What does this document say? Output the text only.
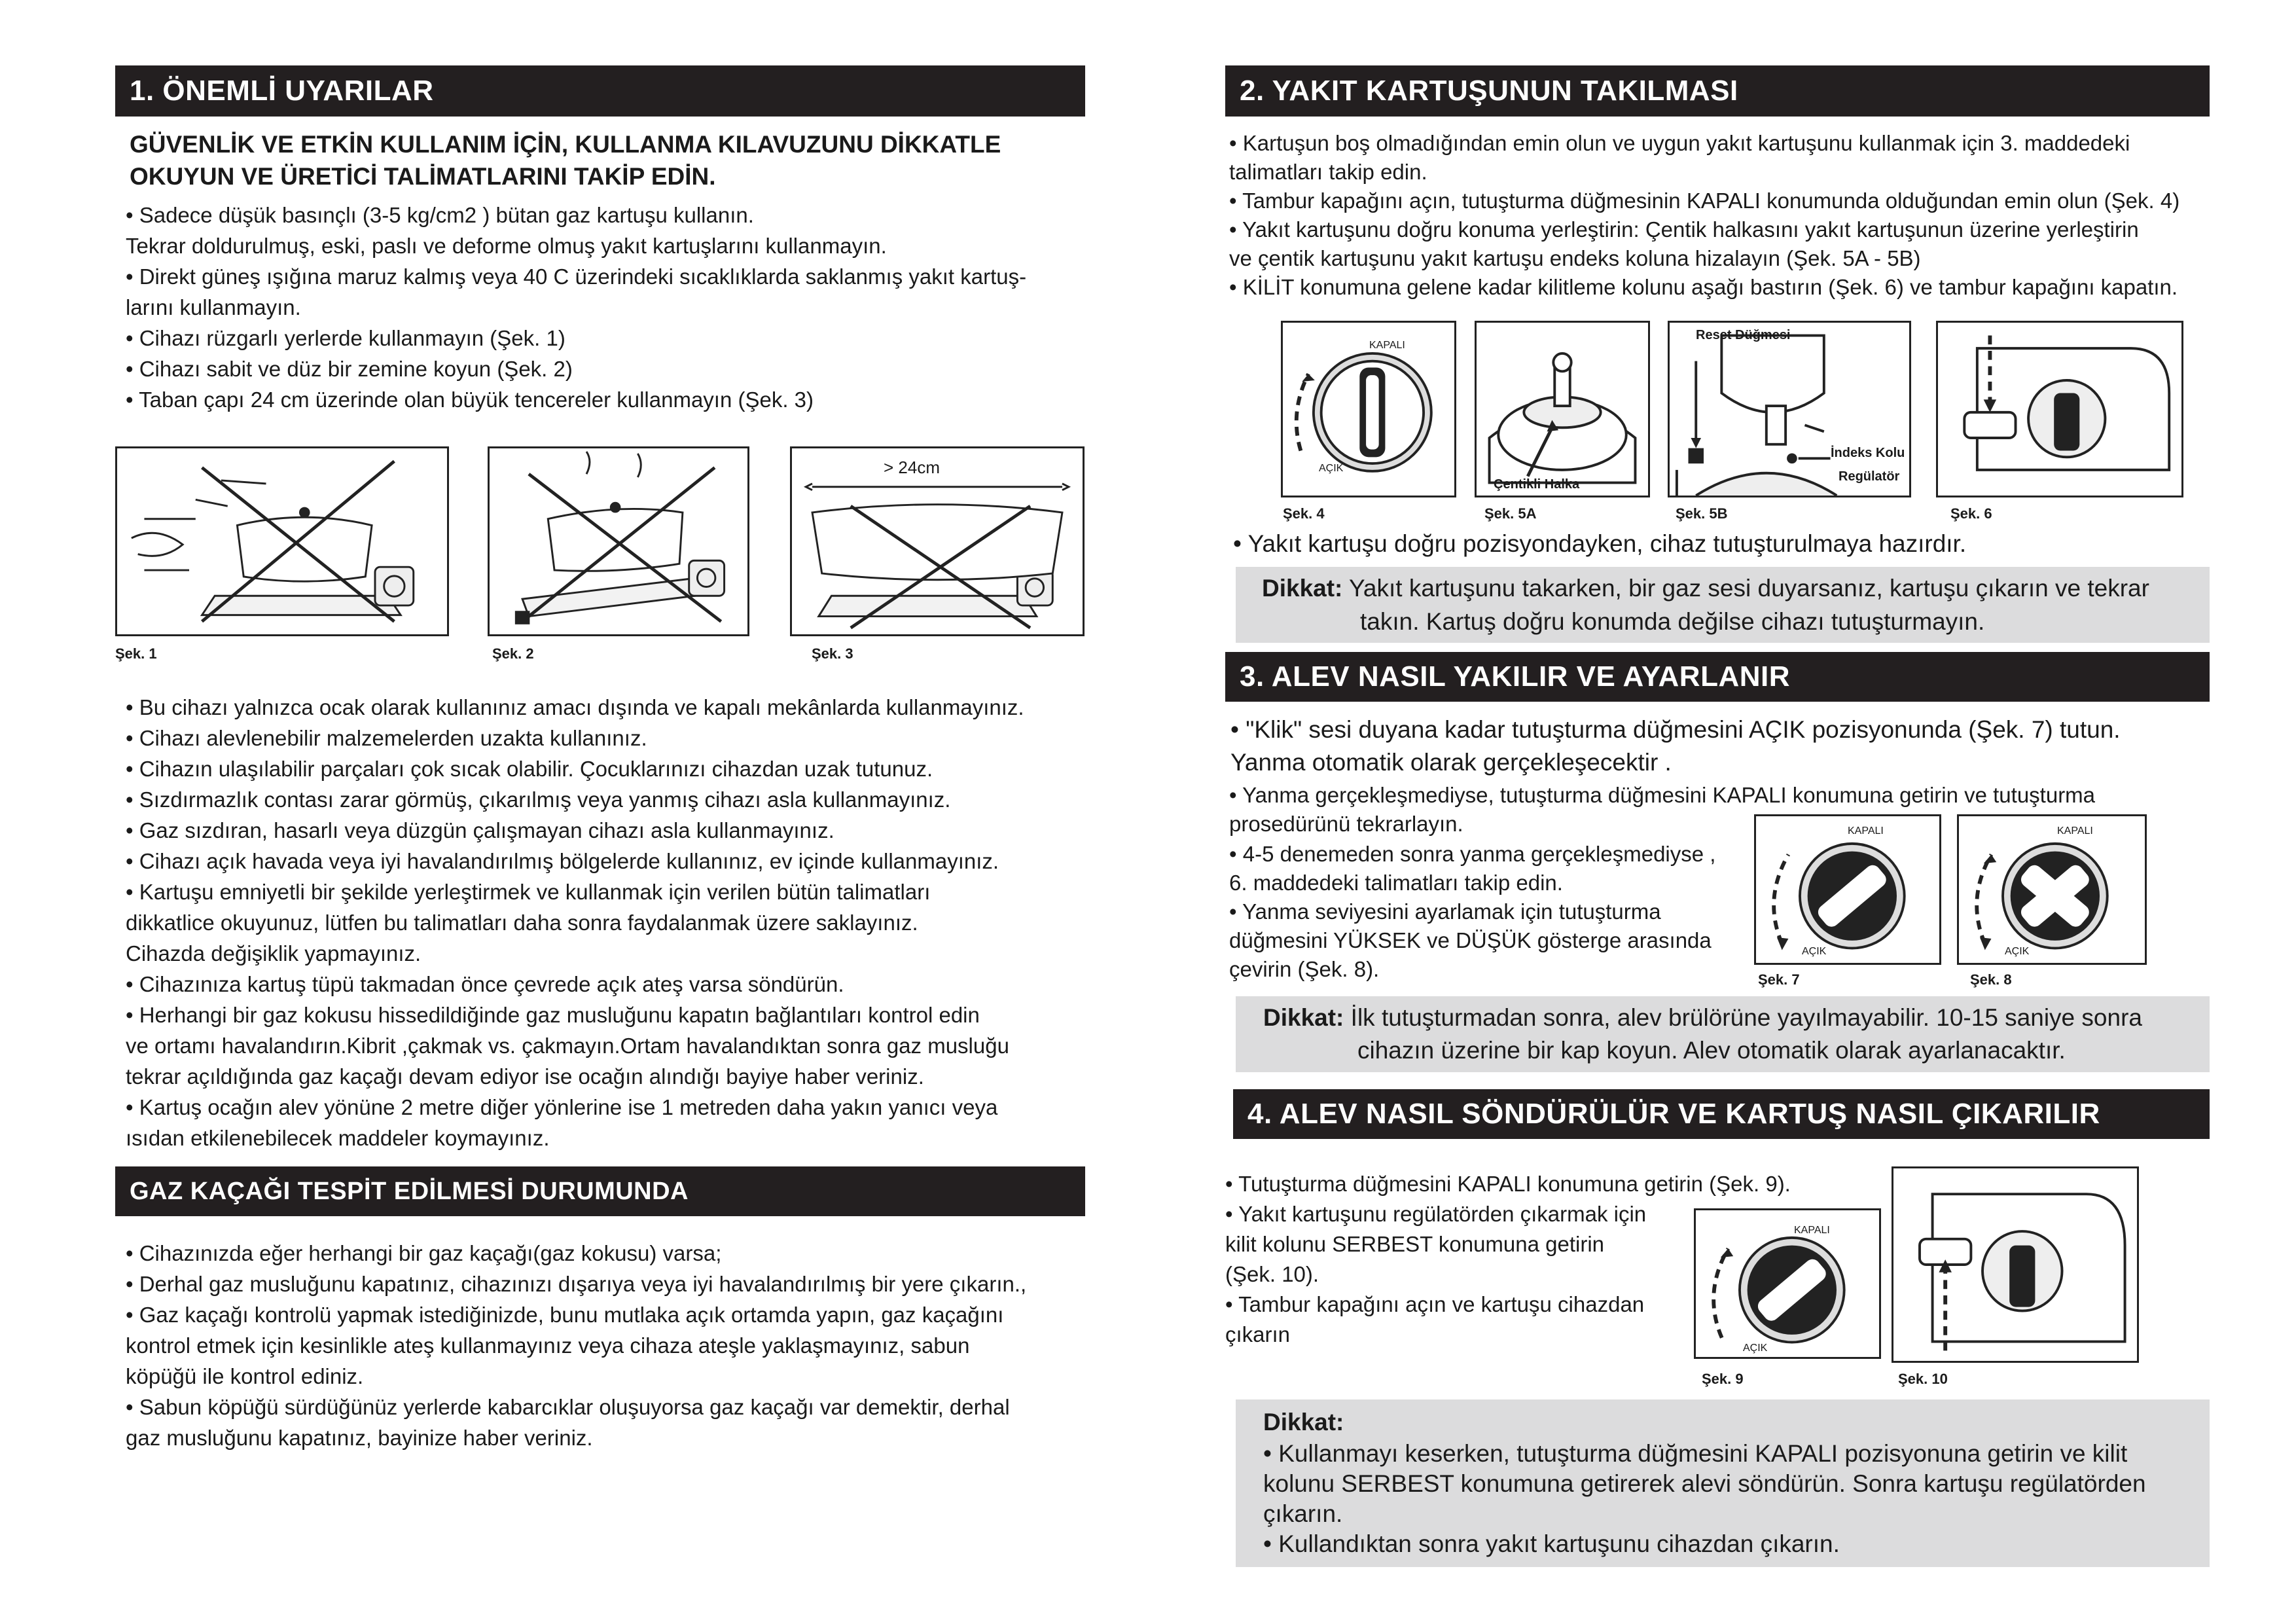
1. ÖNEMLİ UYARILAR
GÜVENLİK VE ETKİN KULLANIM İÇİN, KULLANMA KILAVUZUNU DİKKATLE
OKUYUN VE ÜRETİCİ TALİMATLARINI TAKİP EDİN.
• Sadece düşük basınçlı (3-5 kg/cm2 ) bütan gaz kartuşu kullanın.
Tekrar doldurulmuş, eski, paslı ve deforme olmuş yakıt kartuşlarını kullanmayın.
• Direkt güneş ışığına maruz kalmış veya 40 C üzerindeki sıcaklıklarda saklanmış yakıt kartuş-
larını kullanmayın.
• Cihazı rüzgarlı yerlerde kullanmayın (Şek. 1)
• Cihazı sabit ve düz bir zemine koyun (Şek. 2)
• Taban çapı 24 cm üzerinde olan büyük tencereler kullanmayın (Şek. 3)
> 24cm
Şek. 1	Şek. 2	Şek. 3
• Bu cihazı yalnızca ocak olarak kullanınız amacı dışında ve kapalı mekânlarda kullanmayınız.
• Cihazı alevlenebilir malzemelerden uzakta kullanınız.
• Cihazın ulaşılabilir parçaları çok sıcak olabilir. Çocuklarınızı cihazdan uzak tutunuz.
• Sızdırmazlık contası zarar görmüş, çıkarılmış veya yanmış cihazı asla kullanmayınız.
• Gaz sızdıran, hasarlı veya düzgün çalışmayan cihazı asla kullanmayınız.
• Cihazı açık havada veya iyi havalandırılmış bölgelerde kullanınız, ev içinde kullanmayınız.
• Kartuşu emniyetli bir şekilde yerleştirmek ve kullanmak için verilen bütün talimatları
dikkatlice okuyunuz, lütfen bu talimatları daha sonra faydalanmak üzere saklayınız.
Cihazda değişiklik yapmayınız.
• Cihazınıza kartuş tüpü takmadan önce çevrede açık ateş varsa söndürün.
• Herhangi bir gaz kokusu hissedildiğinde gaz musluğunu kapatın bağlantıları kontrol edin
ve ortamı havalandırın.Kibrit ,çakmak vs. çakmayın.Ortam havalandıktan sonra gaz musluğu
tekrar açıldığında gaz kaçağı devam ediyor ise ocağın alındığı bayiye haber veriniz.
• Kartuş ocağın alev yönüne 2 metre diğer yönlerine ise 1 metreden daha yakın yanıcı veya
ısıdan etkilenebilecek maddeler koymayınız.
GAZ KAÇAĞI TESPİT EDİLMESİ DURUMUNDA
• Cihazınızda eğer herhangi bir gaz kaçağı(gaz kokusu) varsa;
• Derhal gaz musluğunu kapatınız, cihazınızı dışarıya veya iyi havalandırılmış bir yere çıkarın.,
• Gaz kaçağı kontrolü yapmak istediğinizde, bunu mutlaka açık ortamda yapın, gaz kaçağını
kontrol etmek için kesinlikle ateş kullanmayınız veya cihaza ateşle yaklaşmayınız, sabun
köpüğü ile kontrol ediniz.
• Sabun köpüğü sürdüğünüz yerlerde kabarcıklar oluşuyorsa gaz kaçağı var demektir, derhal
gaz musluğunu kapatınız, bayinize haber veriniz.
2. YAKIT KARTUŞUNUN TAKILMASI
• Kartuşun boş olmadığından emin olun ve uygun yakıt kartuşunu kullanmak için 3. maddedeki
talimatları takip edin.
• Tambur kapağını açın, tutuşturma düğmesinin KAPALI konumunda olduğundan emin olun (Şek. 4)
• Yakıt kartuşunu doğru konuma yerleştirin: Çentik halkasını yakıt kartuşunun üzerine yerleştirin
ve çentik kartuşunu yakıt kartuşu endeks koluna hizalayın (Şek. 5A - 5B)
• KİLİT konumuna gelene kadar kilitleme kolunu aşağı bastırın (Şek. 6) ve tambur kapağını kapatın.
KAPALI
AÇIK
Çentikli Halka
Reset Düğmesi
İndeks Kolu
Regülatör
Şek. 4	Şek. 5A	Şek. 5B	Şek. 6
• Yakıt kartuşu doğru pozisyondayken, cihaz tutuşturulmaya hazırdır.
Dikkat: Yakıt kartuşunu takarken, bir gaz sesi duyarsanız, kartuşu çıkarın ve tekrar
takın. Kartuş doğru konumda değilse cihazı tutuşturmayın.
3. ALEV NASIL YAKILIR VE AYARLANIR
• "Klik" sesi duyana kadar tutuşturma düğmesini AÇIK pozisyonunda (Şek. 7) tutun.
Yanma otomatik olarak gerçekleşecektir .
• Yanma gerçekleşmediyse, tutuşturma düğmesini KAPALI konumuna getirin ve tutuşturma
prosedürünü tekrarlayın.
• 4-5 denemeden sonra yanma gerçekleşmediyse ,
6. maddedeki talimatları takip edin.
• Yanma seviyesini ayarlamak için tutuşturma
düğmesini YÜKSEK ve DÜŞÜK gösterge arasında
çevirin (Şek. 8).
KAPALI
AÇIK
KAPALI
AÇIK
Şek. 7	Şek. 8
Dikkat: İlk tutuşturmadan sonra, alev brülörüne yayılmayabilir. 10-15 saniye sonra
cihazın üzerine bir kap koyun. Alev otomatik olarak ayarlanacaktır.
4. ALEV NASIL SÖNDÜRÜLÜR VE KARTUŞ NASIL ÇIKARILIR
• Tutuşturma düğmesini KAPALI konumuna getirin (Şek. 9).
• Yakıt kartuşunu regülatörden çıkarmak için
kilit kolunu SERBEST konumuna getirin
(Şek. 10).
• Tambur kapağını açın ve kartuşu cihazdan
çıkarın
KAPALI
AÇIK
Şek. 9	Şek. 10
Dikkat:
• Kullanmayı keserken, tutuşturma düğmesini KAPALI pozisyonuna getirin ve kilit
kolunu SERBEST konumuna getirerek alevi söndürün. Sonra kartuşu regülatörden
çıkarın.
• Kullandıktan sonra yakıt kartuşunu cihazdan çıkarın.
